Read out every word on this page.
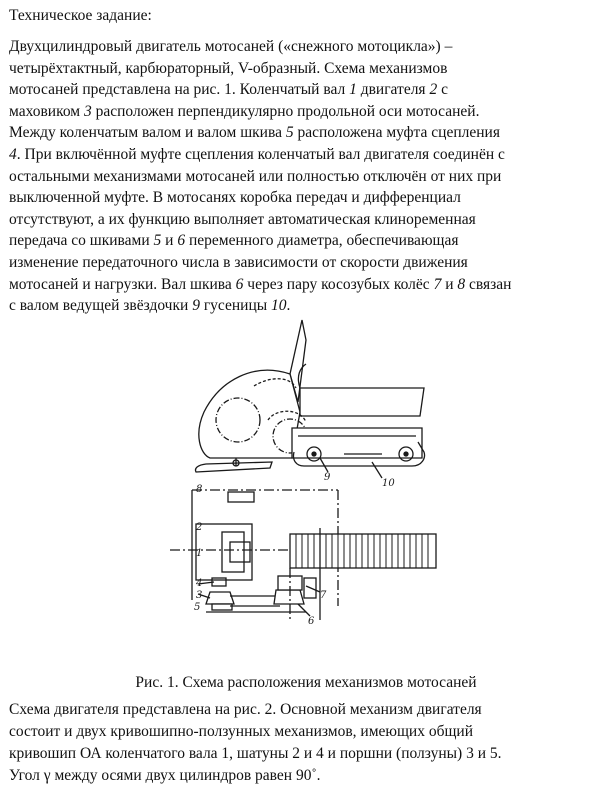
Техническое задание:

Двухцилиндровый двигатель мотосаней («снежного мотоцикла») –
четырёхтактный, карбюраторный, V-образный. Схема механизмов
мотосаней представлена на рис. 1. Коленчатый вал 1 двигателя 2 с
маховиком 3 расположен перпендикулярно продольной оси мотосаней.
Между коленчатым валом и валом шкива 5 расположена муфта сцепления
4. При включённой муфте сцепления коленчатый вал двигателя соединён с
остальными механизмами мотосаней или полностью отключён от них при
выключенной муфте. В мотосанях коробка передач и дифференциал
отсутствуют, а их функцию выполняет автоматическая клиноременная
передача со шкивами 5 и 6 переменного диаметра, обеспечивающая
изменение передаточного числа в зависимости от скорости движения
мотосаней и нагрузки. Вал шкива 6 через пару косозубых колёс 7 и 8 связан
с валом ведущей звёздочки 9 гусеницы 10.

8
2
1
4
3
5
6
7
9
10
Рис. 1. Схема расположения механизмов мотосаней

Схема двигателя представлена на рис. 2. Основной механизм двигателя
состоит и двух кривошипно-ползунных механизмов, имеющих общий
кривошип ОА коленчатого вала 1, шатуны 2 и 4 и поршни (ползуны) 3 и 5.
Угол γ между осями двух цилиндров равен 90˚.
